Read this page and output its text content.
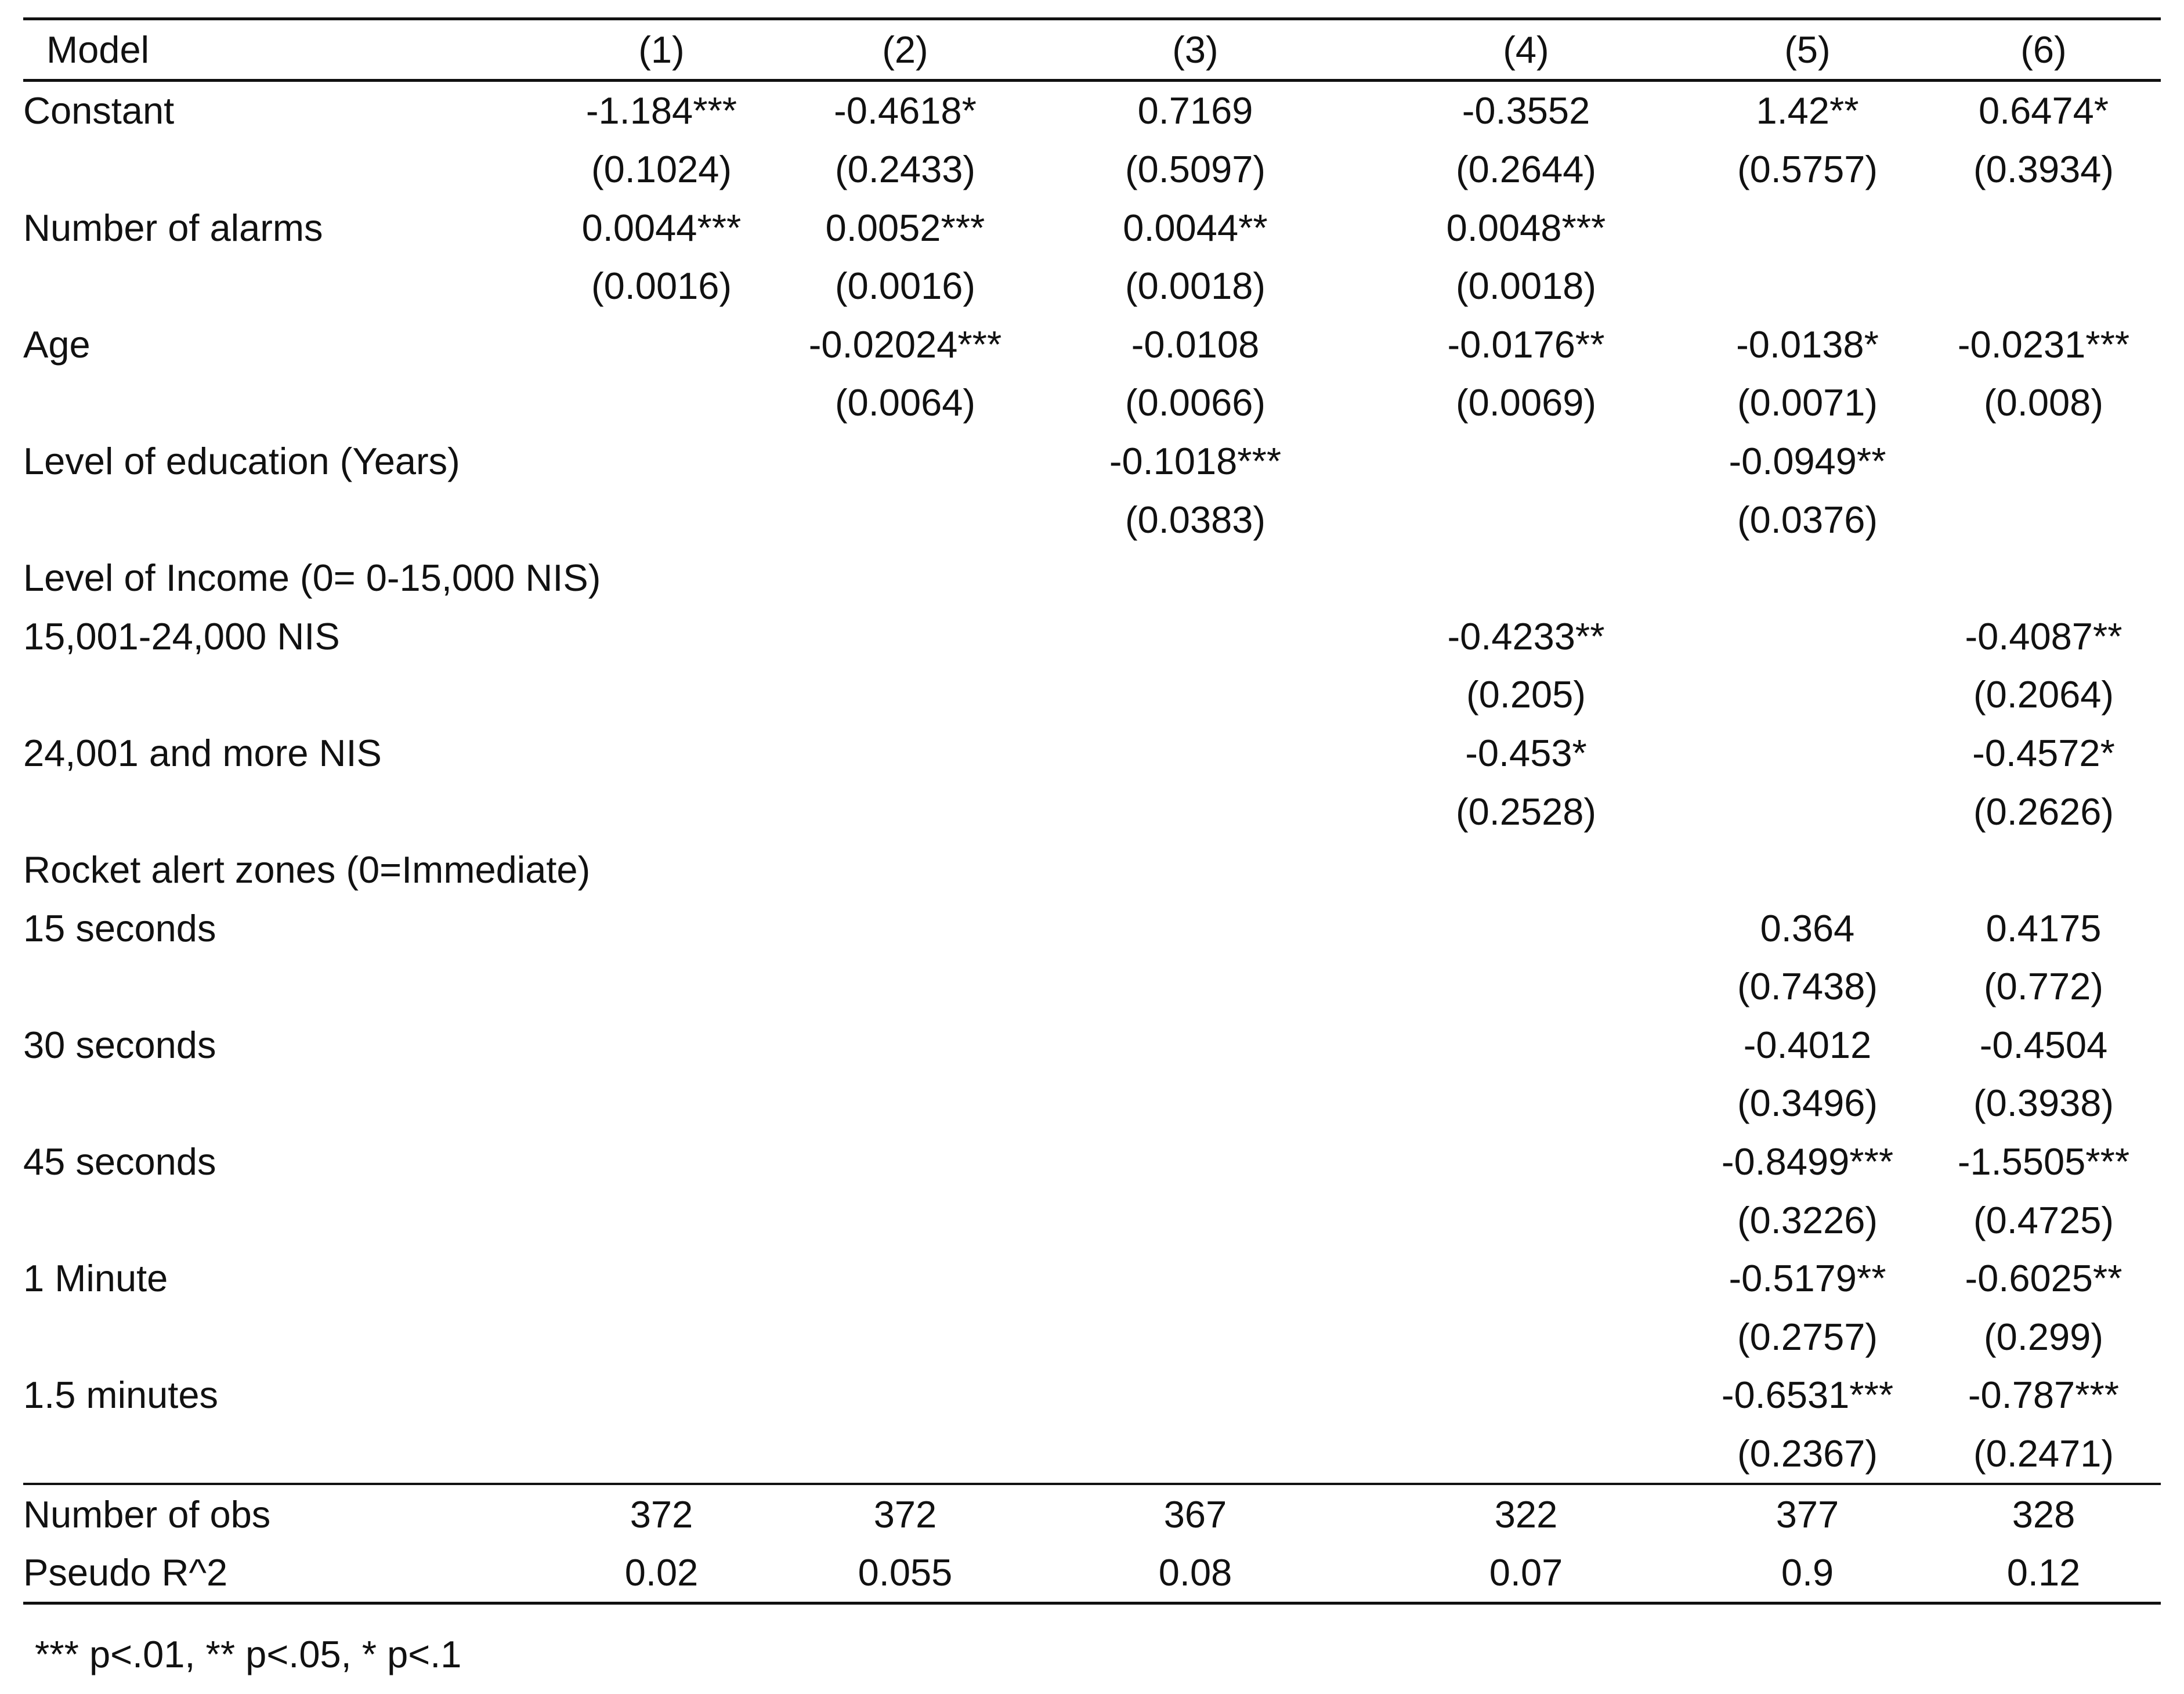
Model	(1)	(2)	(3)	(4)	(5)	(6)
Constant	-1.184***	-0.4618*	0.7169	-0.3552	1.42**	0.6474*
	(0.1024)	(0.2433)	(0.5097)	(0.2644)	(0.5757)	(0.3934)
Number of alarms	0.0044***	0.0052***	0.0044**	0.0048***		
	(0.0016)	(0.0016)	(0.0018)	(0.0018)		
Age		-0.02024***	-0.0108	-0.0176**	-0.0138*	-0.0231***
		(0.0064)	(0.0066)	(0.0069)	(0.0071)	(0.008)
Level of education (Years)			-0.1018***		-0.0949**	
			(0.0383)		(0.0376)	
Level of Income (0= 0-15,000 NIS)						
15,001-24,000 NIS				-0.4233**		-0.4087**
				(0.205)		(0.2064)
24,001 and more NIS				-0.453*		-0.4572*
				(0.2528)		(0.2626)
Rocket alert zones (0=Immediate)						
15 seconds					0.364	0.4175
					(0.7438)	(0.772)
30 seconds					-0.4012	-0.4504
					(0.3496)	(0.3938)
45 seconds					-0.8499***	-1.5505***
					(0.3226)	(0.4725)
1 Minute					-0.5179**	-0.6025**
					(0.2757)	(0.299)
1.5 minutes					-0.6531***	-0.787***
					(0.2367)	(0.2471)
Number of obs	372	372	367	322	377	328
Pseudo R^2	0.02	0.055	0.08	0.07	0.9	0.12
*** p<.01, ** p<.05, * p<.1
